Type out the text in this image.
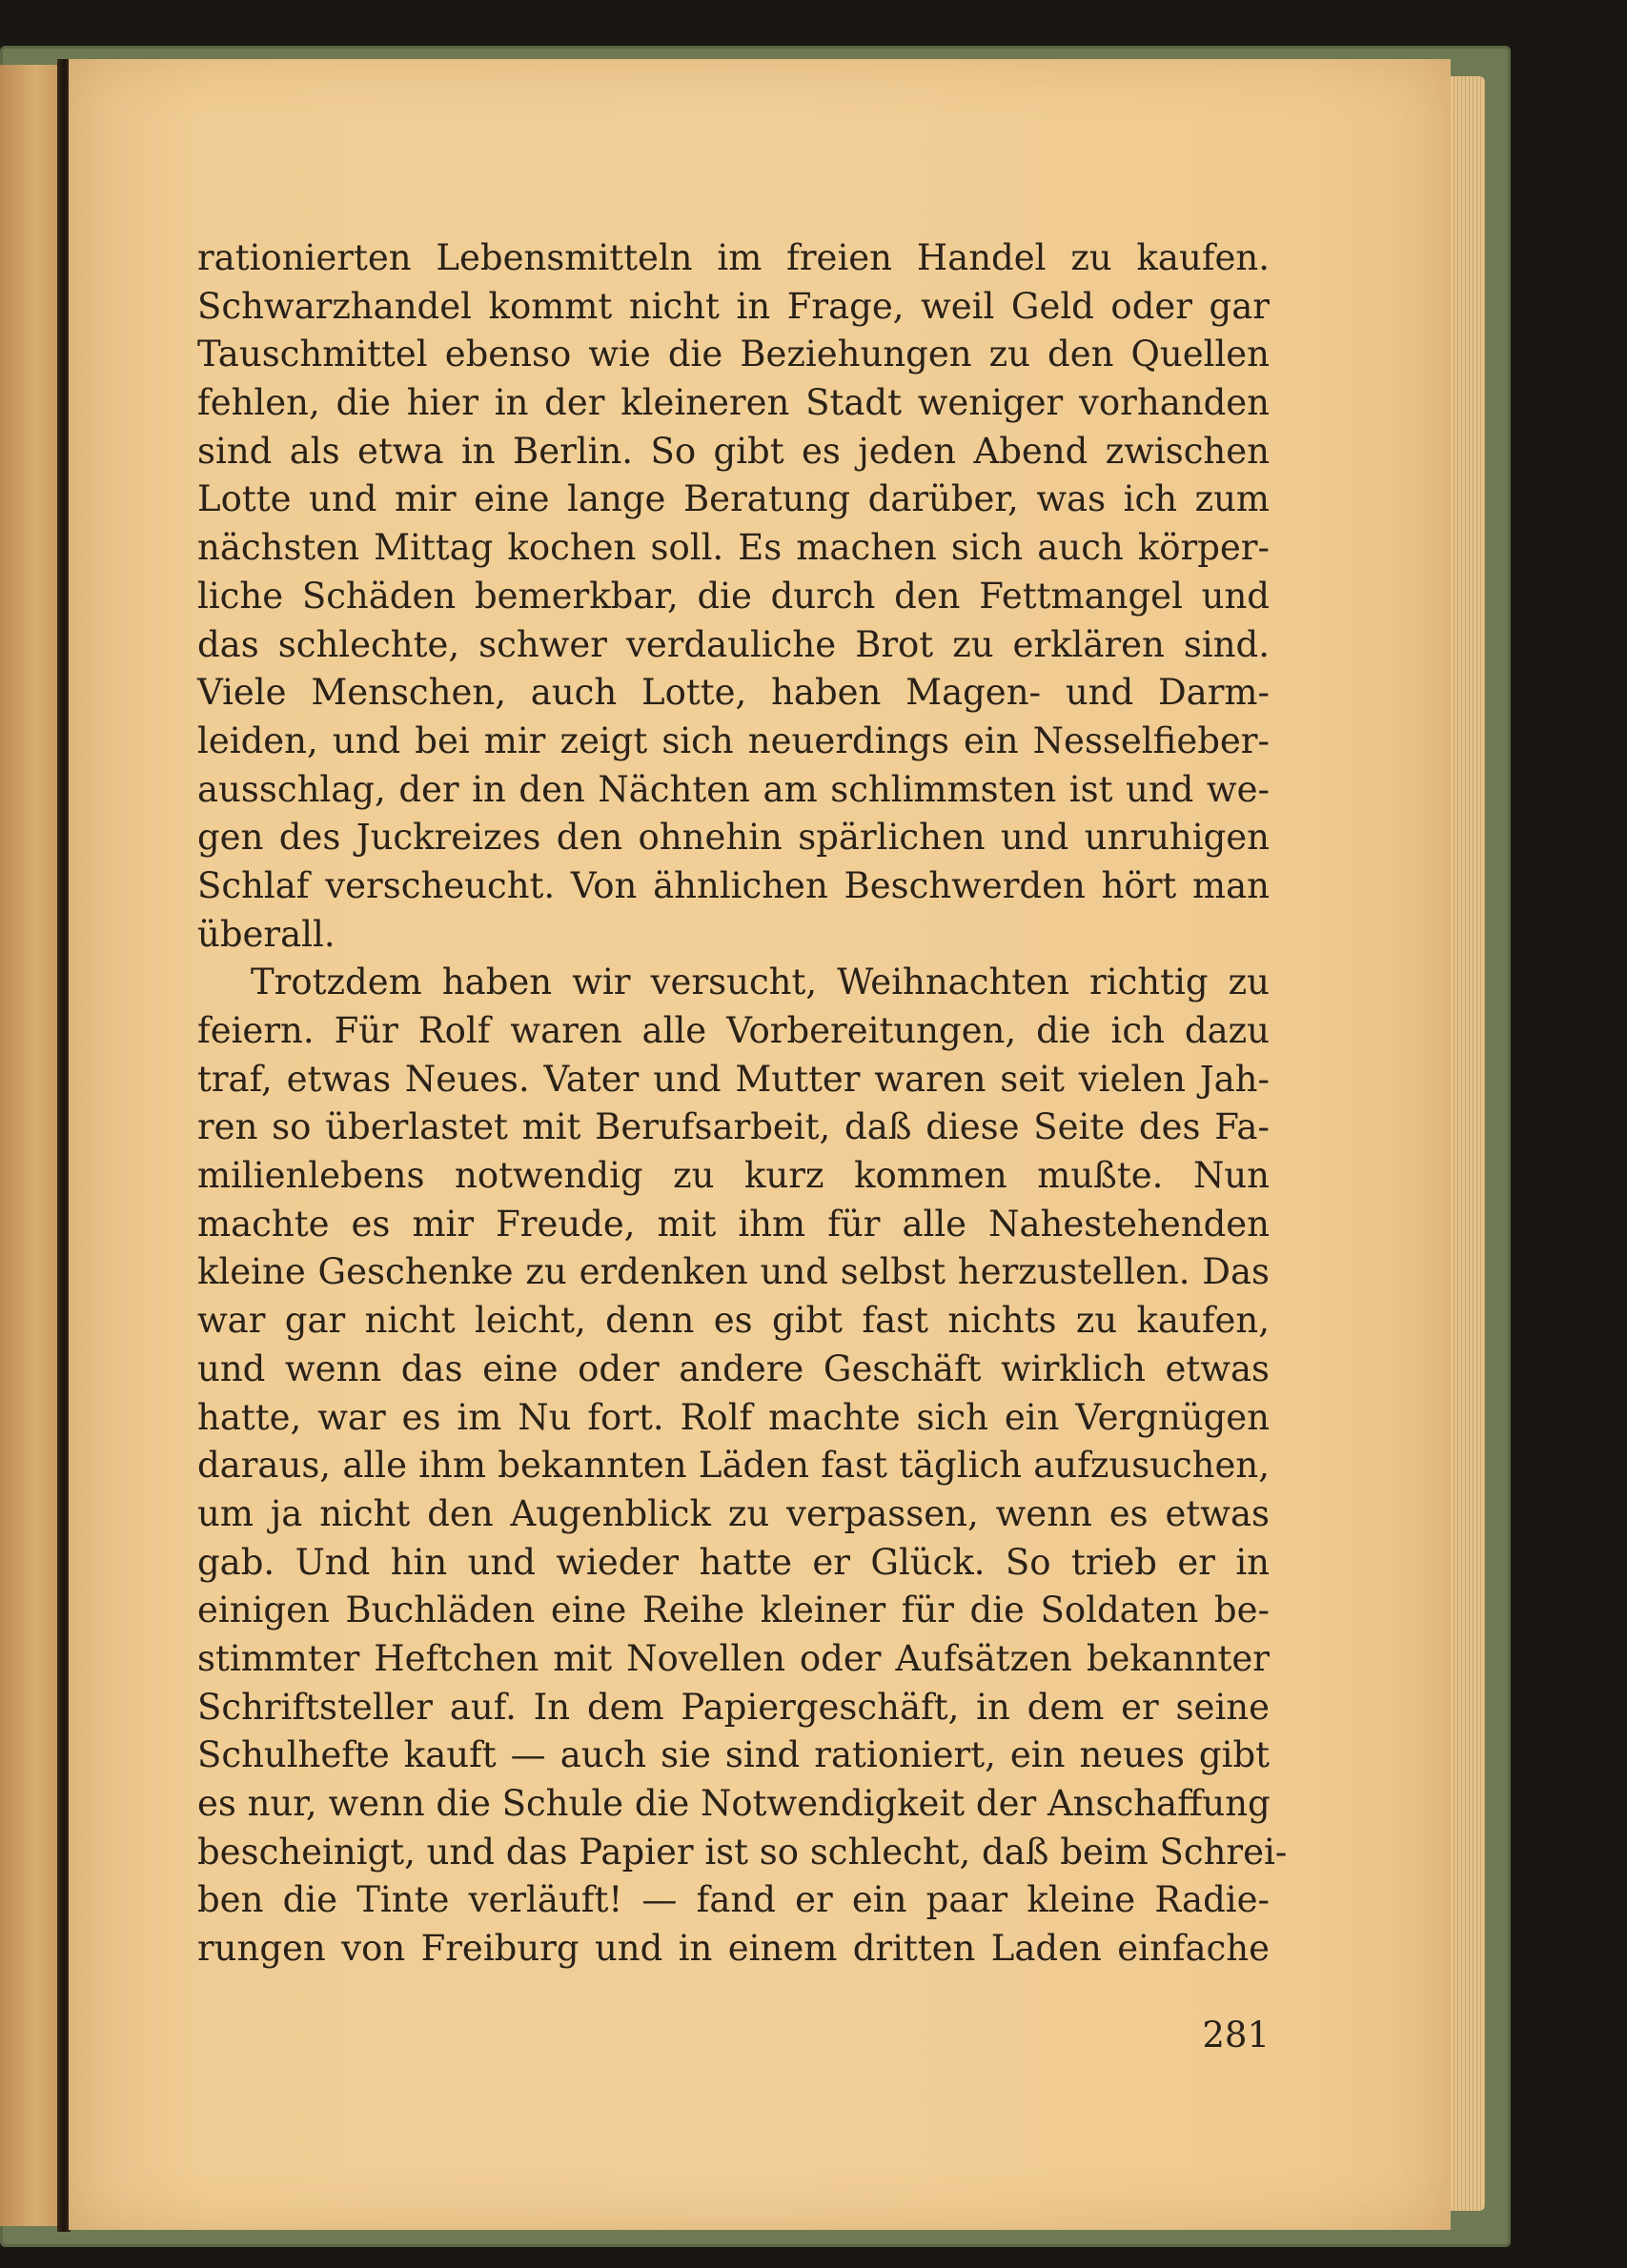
rationierten Lebensmitteln im freien Handel zu kaufen.
Schwarzhandel kommt nicht in Frage, weil Geld oder gar
Tauschmittel ebenso wie die Beziehungen zu den Quellen
fehlen, die hier in der kleineren Stadt weniger vorhanden
sind als etwa in Berlin. So gibt es jeden Abend zwischen
Lotte und mir eine lange Beratung darüber, was ich zum
nächsten Mittag kochen soll. Es machen sich auch körper-
liche Schäden bemerkbar, die durch den Fettmangel und
das schlechte, schwer verdauliche Brot zu erklären sind.
Viele Menschen, auch Lotte, haben Magen- und Darm-
leiden, und bei mir zeigt sich neuerdings ein Nesselfieber-
ausschlag, der in den Nächten am schlimmsten ist und we-
gen des Juckreizes den ohnehin spärlichen und unruhigen
Schlaf verscheucht. Von ähnlichen Beschwerden hört man
überall.
Trotzdem haben wir versucht, Weihnachten richtig zu
feiern. Für Rolf waren alle Vorbereitungen, die ich dazu
traf, etwas Neues. Vater und Mutter waren seit vielen Jah-
ren so überlastet mit Berufsarbeit, daß diese Seite des Fa-
milienlebens notwendig zu kurz kommen mußte. Nun
machte es mir Freude, mit ihm für alle Nahestehenden
kleine Geschenke zu erdenken und selbst herzustellen. Das
war gar nicht leicht, denn es gibt fast nichts zu kaufen,
und wenn das eine oder andere Geschäft wirklich etwas
hatte, war es im Nu fort. Rolf machte sich ein Vergnügen
daraus, alle ihm bekannten Läden fast täglich aufzusuchen,
um ja nicht den Augenblick zu verpassen, wenn es etwas
gab. Und hin und wieder hatte er Glück. So trieb er in
einigen Buchläden eine Reihe kleiner für die Soldaten be-
stimmter Heftchen mit Novellen oder Aufsätzen bekannter
Schriftsteller auf. In dem Papiergeschäft, in dem er seine
Schulhefte kauft — auch sie sind rationiert, ein neues gibt
es nur, wenn die Schule die Notwendigkeit der Anschaffung
bescheinigt, und das Papier ist so schlecht, daß beim Schrei-
ben die Tinte verläuft! — fand er ein paar kleine Radie-
rungen von Freiburg und in einem dritten Laden einfache
281
